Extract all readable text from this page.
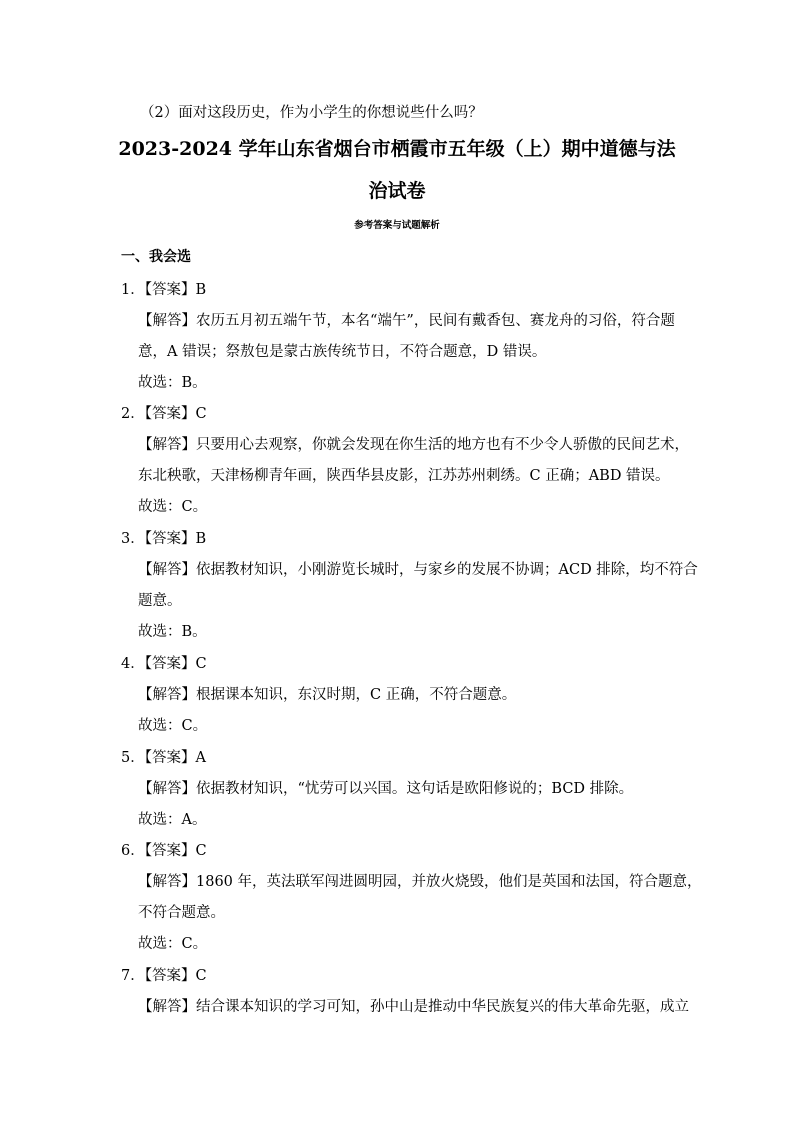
（2）面对这段历史，作为小学生的你想说些什么吗？
2023-2024 学年山东省烟台市栖霞市五年级（上）期中道德与法
治试卷
参考答案与试题解析
一、我会选
1．【答案】B
【解答】农历五月初五端午节，本名“端午”，民间有戴香包、赛龙舟的习俗，符合题
意，A 错误；祭敖包是蒙古族传统节日，不符合题意，D 错误。
故选：B。
2．【答案】C
【解答】只要用心去观察，你就会发现在你生活的地方也有不少令人骄傲的民间艺术，
东北秧歌，天津杨柳青年画，陕西华县皮影，江苏苏州刺绣。C 正确；ABD 错误。
故选：C。
3．【答案】B
【解答】依据教材知识，小刚游览长城时，与家乡的发展不协调；ACD 排除，均不符合
题意。
故选：B。
4．【答案】C
【解答】根据课本知识，东汉时期，C 正确，不符合题意。
故选：C。
5．【答案】A
【解答】依据教材知识，“忧劳可以兴国。这句话是欧阳修说的；BCD 排除。
故选：A。
6．【答案】C
【解答】1860 年，英法联军闯进圆明园，并放火烧毁，他们是英国和法国，符合题意，
不符合题意。
故选：C。
7．【答案】C
【解答】结合课本知识的学习可知，孙中山是推动中华民族复兴的伟大革命先驱，成立
